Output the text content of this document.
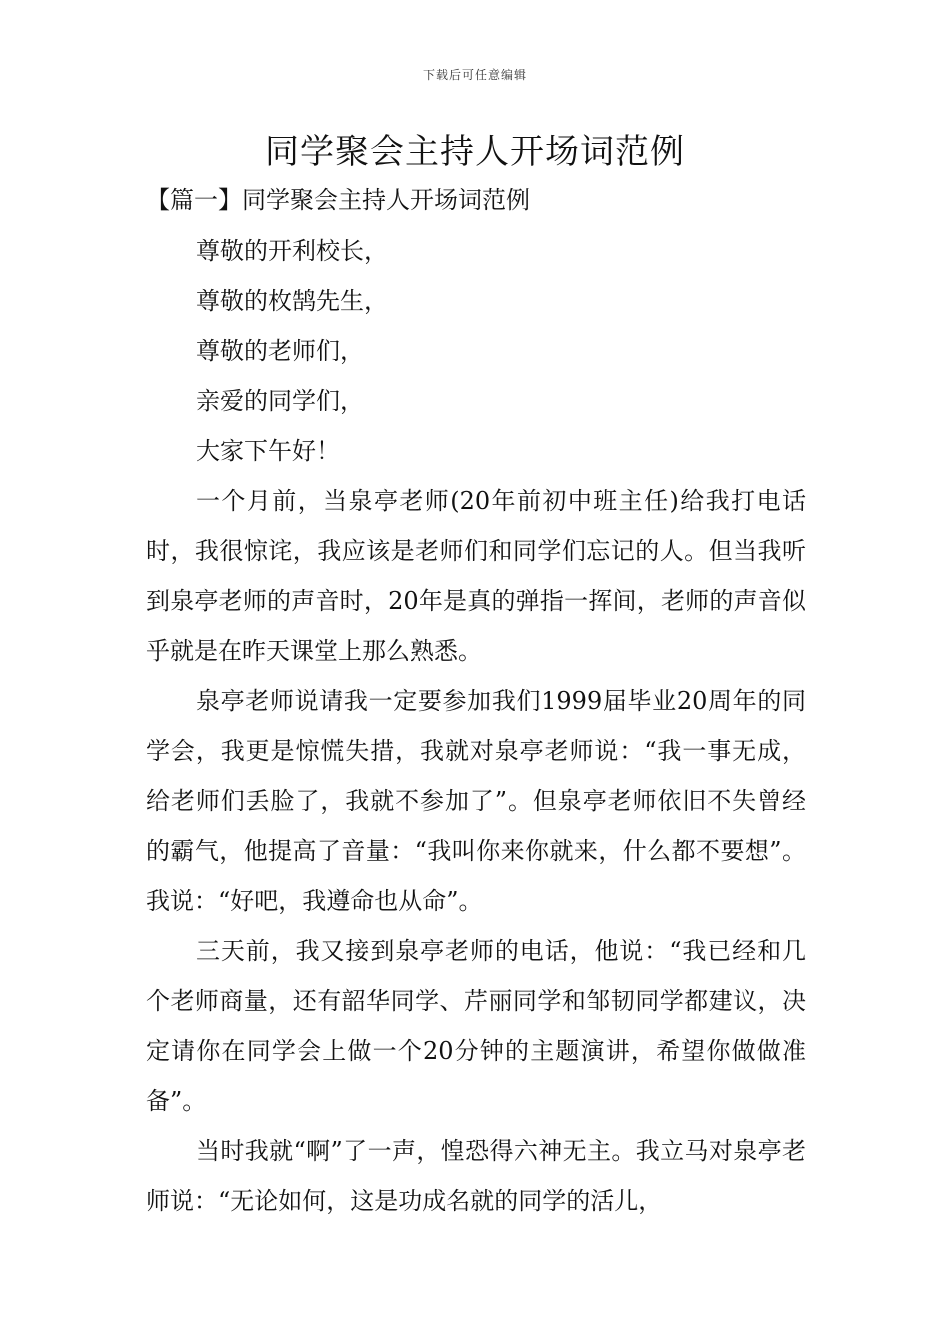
下载后可任意编辑
同学聚会主持人开场词范例
【篇一】同学聚会主持人开场词范例

尊敬的开利校长，

尊敬的枚鹄先生，

尊敬的老师们，

亲爱的同学们，

大家下午好！

一个月前，当泉亭老师(20年前初中班主任)给我打电话时，我很惊诧，我应该是老师们和同学们忘记的人。但当我听到泉亭老师的声音时，20年是真的弹指一挥间，老师的声音似乎就是在昨天课堂上那么熟悉。

泉亭老师说请我一定要参加我们1999届毕业20周年的同学会，我更是惊慌失措，我就对泉亭老师说：“我一事无成，给老师们丢脸了，我就不参加了”。但泉亭老师依旧不失曾经的霸气，他提高了音量：“我叫你来你就来，什么都不要想”。我说：“好吧，我遵命也从命”。

三天前，我又接到泉亭老师的电话，他说：“我已经和几个老师商量，还有韶华同学、芹丽同学和邹韧同学都建议，决定请你在同学会上做一个20分钟的主题演讲，希望你做做准备”。

当时我就“啊”了一声，惶恐得六神无主。我立马对泉亭老师说：“无论如何，这是功成名就的同学的活儿，
